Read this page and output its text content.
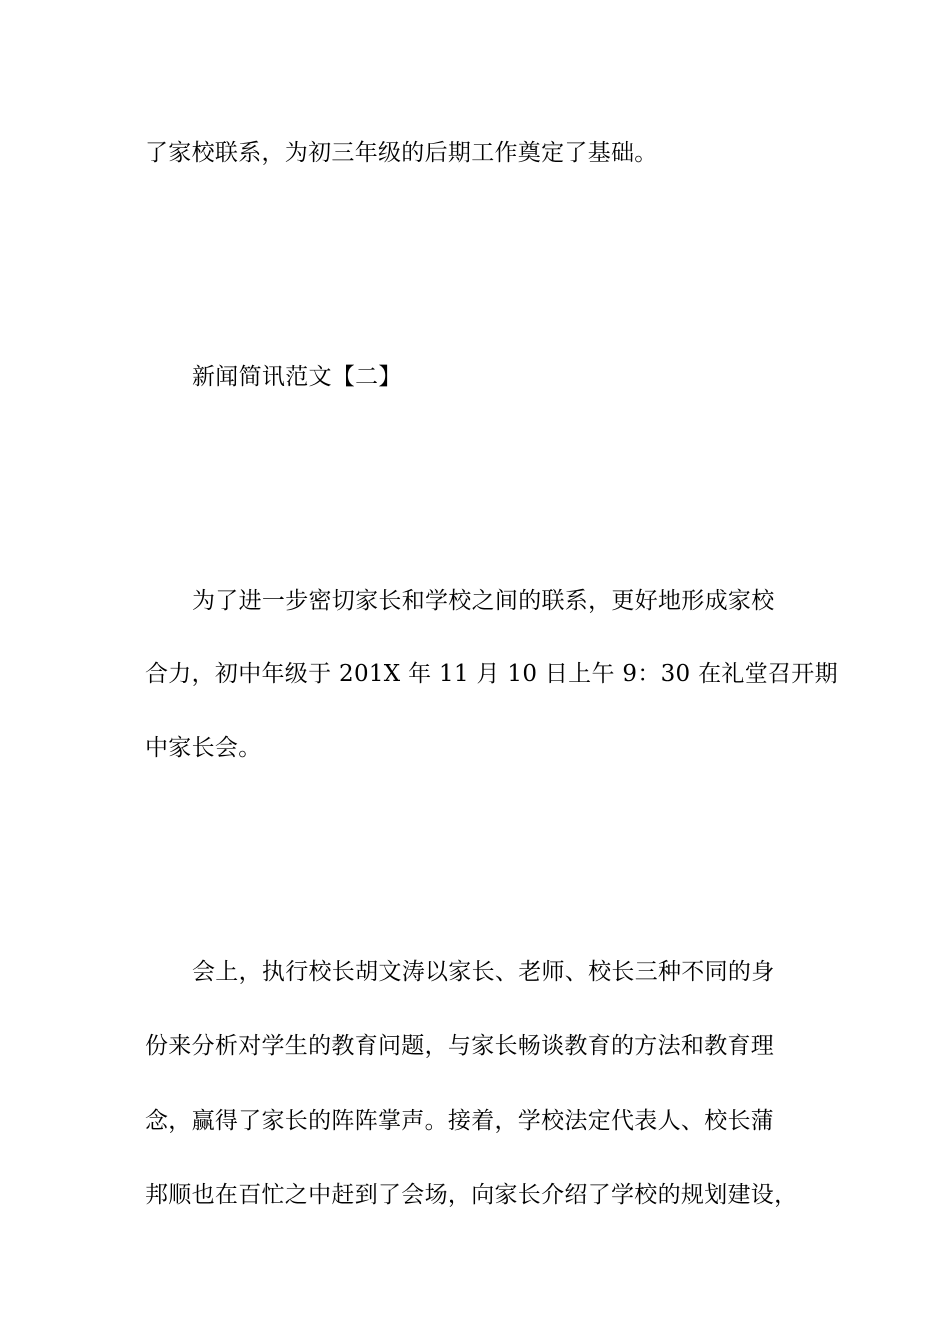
了家校联系，为初三年级的后期工作奠定了基础。
新闻简讯范文【二】
为了进一步密切家长和学校之间的联系，更好地形成家校
合力，初中年级于 201X 年 11 月 10 日上午 9：30 在礼堂召开期
中家长会。
会上，执行校长胡文涛以家长、老师、校长三种不同的身
份来分析对学生的教育问题，与家长畅谈教育的方法和教育理
念，赢得了家长的阵阵掌声。接着，学校法定代表人、校长蒲
邦顺也在百忙之中赶到了会场，向家长介绍了学校的规划建设，
